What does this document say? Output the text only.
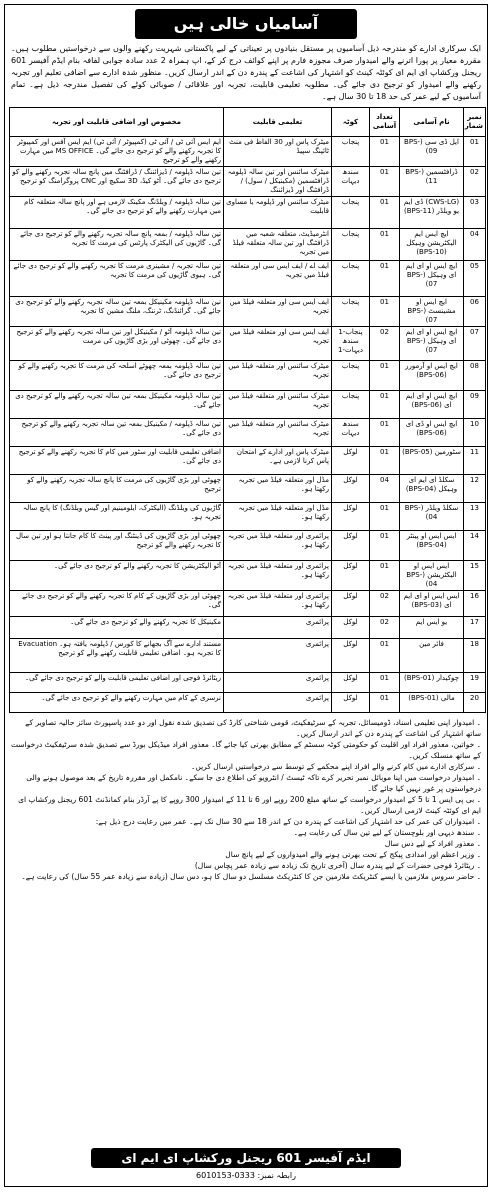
آسامیاں خالی ہیں
ایک سرکاری ادارے کو مندرجہ ذیل آسامیوں پر مستقل بنیادوں پر تعیناتی کے لیے پاکستانی شہریت رکھنے والوں سے درخواستیں مطلوب ہیں۔ مقررہ معیار پر پورا اترنے والے امیدوار صرف مجوزہ فارم پر اپنے کوائف درج کر کے، اپ ہمراہ 2 عدد سادہ جوابی لفافہ بنام ایڈم آفیسر 601 ریجنل ورکشاپ ای ایم ای کوئٹہ کینٹ کو اشتہار کی اشاعت کے پندرہ دن کے اندر ارسال کریں۔ منظور شدہ ادارے سے اضافی تعلیم اور تجربہ رکھنے والے امیدوار کو ترجیح دی جائے گی۔ مطلوبہ تعلیمی قابلیت، تجربہ اور علاقائی / صوبائی کوٹے کی تفصیل مندرجہ ذیل ہے۔ تمام آسامیوں کے لیے عمر کی حد 18 تا 30 سال ہے۔
نمبر شمار	نام آسامی	تعداد آسامی	کوٹہ	تعلیمی قابلیت	مخصوص اور اضافی قابلیت اور تجربہ
01	ایل ڈی سی (BPS-09)	01	پنجاب	میٹرک پاس اور 30 الفاظ فی منٹ ٹائپنگ سپیڈ	ایم ایس آئی ٹی / آئی ٹی (کمپیوٹر / آئی ٹی) ایم ایس آفس اور کمپیوٹر کا تجربہ رکھنے والے کو ترجیح دی جائے گی۔ MS OFFICE میں مہارت رکھنے والے کو ترجیح
02	ڈرافٹسمین (BPS-11)	01	سندھ دیہات	میٹرک سائنس اور تین سالہ ڈپلومہ ڈرافٹسمین (مکینیکل / سول) / ڈرافٹنگ اور ڈیزائننگ	تین سالہ ڈپلومہ / ڈیزائننگ / ڈرافٹنگ میں پانچ سالہ تجربہ رکھنے والے کو ترجیح دی جائے گی۔ آٹو کیڈ، 3D سکیچ اور CNC پروگرامنگ کو ترجیح
03	(CWS-LG) ڈی ایم یو ویلڈر (BPS-11)	01	پنجاب	میٹرک سائنس اور ڈپلومہ یا مساوی قابلیت	تین سالہ ڈپلومہ / ویلڈنگ مکینک لازمی ہے اور پانچ سالہ متعلقہ کام میں مہارت رکھنے والے کو ترجیح دی جائے گی۔
04	ایچ ایس ایم الیکٹریشن وہیکل (BPS-10)	01	پنجاب	انٹرمیڈیٹ، متعلقہ شعبہ میں ڈرافٹنگ اور تین سالہ متعلقہ فیلڈ میں تجربہ	تین سالہ ڈپلومہ / بمعہ پانچ سالہ تجربہ رکھنے والے کو ترجیح دی جائے گی۔ گاڑیوں کی الیکٹرک پارٹس کی مرمت کا تجربہ
05	ایچ ایس او ای ایم ای وہیکل (BPS-07)	01	پنجاب	ایف اے / ایف ایس سی اور متعلقہ فیلڈ میں تجربہ	تین سالہ تجربہ / مشینری مرمت کا تجربہ رکھنے والے کو ترجیح دی جائے گی۔ ہیوی گاڑیوں کی مرمت کا تجربہ
06	ایچ ایس او مشینسٹ (BPS-07)	01	پنجاب	ایف ایس سی اور متعلقہ فیلڈ میں تجربہ	تین سالہ ڈپلومہ مکینیکل بمعہ تین سالہ تجربہ رکھنے والے کو ترجیح دی جائے گی۔ گرائنڈنگ، ٹرننگ، ملنگ مشین کا تجربہ
07	ایچ ایس او ای ایم ای وہیکل (BPS-07)	02	پنجاب-1 سندھ دیہات-1	ایف ایس سی اور متعلقہ فیلڈ میں تجربہ	تین سالہ ڈپلومہ آٹو / مکینیکل اور تین سالہ تجربہ رکھنے والے کو ترجیح دی جائے گی۔ چھوٹی اور بڑی گاڑیوں کی مرمت
08	ایچ ایس او آرمورر (BPS-06)	01	پنجاب	میٹرک سائنس اور متعلقہ فیلڈ میں تجربہ	تین سالہ ڈپلومہ بمعہ چھوٹے اسلحہ کی مرمت کا تجربہ رکھنے والے کو ترجیح دی جائے گی۔
09	ایچ ایس او ای ایم ای (BPS-06)	01	پنجاب	میٹرک سائنس اور متعلقہ فیلڈ میں تجربہ	تین سالہ ڈپلومہ مکینیکل بمعہ تین سالہ تجربہ رکھنے والے کو ترجیح دی جائے گی۔
10	ایچ ایس او ڈی ای (BPS-06)	01	سندھ دیہات	میٹرک سائنس اور متعلقہ فیلڈ میں تجربہ	تین سالہ ڈپلومہ / مکینیکل بمعہ تین سالہ تجربہ رکھنے والے کو ترجیح دی جائے گی۔
11	سٹورمین (BPS-05)	01	لوکل	میٹرک پاس اور ادارے کے امتحان پاس کرنا لازمی ہے۔	اضافی تعلیمی قابلیت اور سٹور میں کام کا تجربہ رکھنے والے کو ترجیح دی جائے گی۔
12	سکلڈ ای ایم ای وہیکل (BPS-04)	04	لوکل	مڈل اور متعلقہ فیلڈ میں تجربہ رکھتا ہو۔	چھوٹی اور بڑی گاڑیوں کی مرمت کا پانچ سالہ تجربہ رکھنے والے کو ترجیح
13	سکلڈ ویلڈر (BPS-04)	01	لوکل	مڈل اور متعلقہ فیلڈ میں تجربہ رکھتا ہو۔	گاڑیوں کی ویلڈنگ (الیکٹرک، ایلومینیم اور گیس ویلڈنگ) کا پانچ سالہ تجربہ ہو۔
14	ایس ایس او پینٹر (BPS-04)	01	لوکل	پرائمری اور متعلقہ فیلڈ میں تجربہ رکھتا ہو۔	چھوٹی اور بڑی گاڑیوں کی ڈینٹنگ اور پینٹ کا کام جانتا ہو اور تین سال کا تجربہ رکھنے والے کو ترجیح
15	ایس ایس او الیکٹریشن (BPS-04)	01	لوکل	پرائمری اور متعلقہ فیلڈ میں تجربہ رکھتا ہو۔	آٹو الیکٹریشن کا تجربہ رکھنے والے کو ترجیح دی جائے گی۔
16	ایس ایس او ای ایم ای (BPS-03)	02	لوکل	پرائمری اور متعلقہ فیلڈ میں تجربہ رکھتا ہو۔	چھوٹی اور بڑی گاڑیوں کے کام کا تجربہ رکھنے والے کو ترجیح دی جائے گی۔
17	یو ایس ایم	02	لوکل	پرائمری	مکینیکل کا تجربہ رکھنے والے کو ترجیح دی جائے گی۔
18	فائر مین	01	لوکل	پرائمری	مستند ادارے سے آگ بجھانے کا کورس / ڈپلومہ یافتہ ہو۔ Evacuation کا تجربہ ہو۔ اضافی تعلیمی قابلیت رکھنے والے کو ترجیح
19	چوکیدار (BPS-01)	01	لوکل	پرائمری	ریٹائرڈ فوجی اور اضافی تعلیمی قابلیت والے کو ترجیح دی جائے گی۔
20	مالی (BPS-01)	01	لوکل	پرائمری	نرسری کے کام میں مہارت رکھنے والے کو ترجیح دی جائے گی۔
۔ امیدوار اپنی تعلیمی اسناد، ڈومیسائل، تجربہ کے سرٹیفکیٹ، قومی شناختی کارڈ کی تصدیق شدہ نقول اور دو عدد پاسپورٹ سائز حالیہ تصاویر کے ساتھ اشتہار کی اشاعت کے پندرہ دن کے اندر ارسال کریں۔
۔ خواتین، معذور افراد اور اقلیت کو حکومتی کوٹہ سسٹم کے مطابق بھرتی کیا جائے گا۔ معذور افراد میڈیکل بورڈ سے تصدیق شدہ سرٹیفکیٹ درخواست کے ساتھ منسلک کریں۔
۔ سرکاری ادارے میں کام کرنے والے افراد اپنے محکمے کے توسط سے درخواستیں ارسال کریں۔
۔ امیدوار درخواست میں اپنا موبائل نمبر تحریر کرے تاکہ ٹیسٹ / انٹرویو کی اطلاع دی جا سکے۔ نامکمل اور مقررہ تاریخ کے بعد موصول ہونے والی درخواستوں پر غور نہیں کیا جائے گا۔
۔ بی پی ایس 1 تا 5 کے امیدوار درخواست کے ساتھ مبلغ 200 روپے اور 6 تا 11 کے امیدوار 300 روپے کا پے آرڈر بنام کمانڈنٹ 601 ریجنل ورکشاپ ای ایم ای کوئٹہ کینٹ لازمی ارسال کریں۔
۔ امیدواران کی عمر کی حد اشتہار کی اشاعت کے پندرہ دن کے اندر 18 سے 30 سال تک ہے۔ عمر میں رعایت درج ذیل ہے:
۔ سندھ دیہی اور بلوچستان کے لیے تین سال کی رعایت ہے۔
۔ معذور افراد کے لیے دس سال
۔ وزیر اعظم اور امدادی پیکج کے تحت بھرتی ہونے والے امیدواروں کے لیے پانچ سال
۔ ریٹائرڈ فوجی حضرات کے لیے پندرہ سال (آخری تاریخ تک زیادہ سے زیادہ عمر پچاس سال)
۔ حاضر سروس ملازمین یا ایسے کنٹریکٹ ملازمین جن کا کنٹریکٹ مسلسل دو سال کا ہو، دس سال (زیادہ سے زیادہ عمر 55 سال) کی رعایت ہے۔
ایڈم آفیسر 601 ریجنل ورکشاپ ای ایم ای
رابطہ نمبر: 0333-6010153
